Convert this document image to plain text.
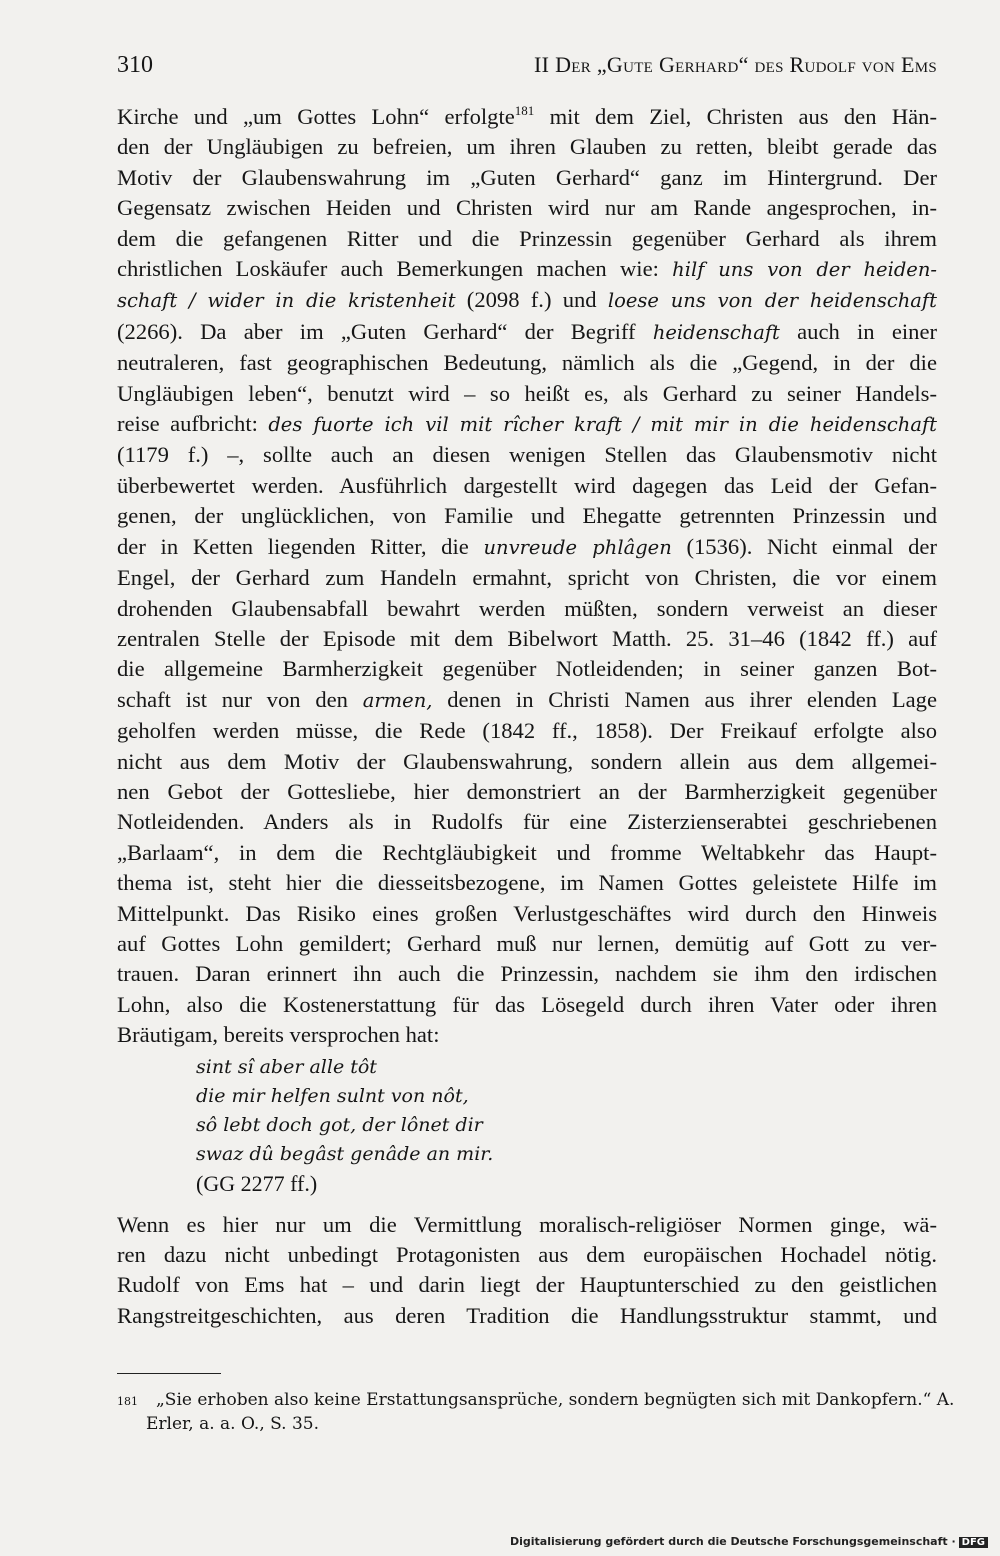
310	II Der „Gute Gerhard“ des Rudolf von Ems

Kirche und „um Gottes Lohn“ erfolgte$^{181}$ mit dem Ziel, Christen aus den Hän-
den der Ungläubigen zu befreien, um ihren Glauben zu retten, bleibt gerade das
Motiv der Glaubenswahrung im „Guten Gerhard“ ganz im Hintergrund. Der
Gegensatz zwischen Heiden und Christen wird nur am Rande angesprochen, in-
dem die gefangenen Ritter und die Prinzessin gegenüber Gerhard als ihrem
christlichen Loskäufer auch Bemerkungen machen wie: hilf uns von der heiden-
schaft / wider in die kristenheit (2098 f.) und loese uns von der heidenschaft
(2266). Da aber im „Guten Gerhard“ der Begriff heidenschaft auch in einer
neutraleren, fast geographischen Bedeutung, nämlich als die „Gegend, in der die
Ungläubigen leben“, benutzt wird – so heißt es, als Gerhard zu seiner Handels-
reise aufbricht: des fuorte ich vil mit rîcher kraft / mit mir in die heidenschaft
(1179 f.) –, sollte auch an diesen wenigen Stellen das Glaubensmotiv nicht
überbewertet werden. Ausführlich dargestellt wird dagegen das Leid der Gefan-
genen, der unglücklichen, von Familie und Ehegatte getrennten Prinzessin und
der in Ketten liegenden Ritter, die unvreude phlâgen (1536). Nicht einmal der
Engel, der Gerhard zum Handeln ermahnt, spricht von Christen, die vor einem
drohenden Glaubensabfall bewahrt werden müßten, sondern verweist an dieser
zentralen Stelle der Episode mit dem Bibelwort Matth. 25. 31–46 (1842 ff.) auf
die allgemeine Barmherzigkeit gegenüber Notleidenden; in seiner ganzen Bot-
schaft ist nur von den armen, denen in Christi Namen aus ihrer elenden Lage
geholfen werden müsse, die Rede (1842 ff., 1858). Der Freikauf erfolgte also
nicht aus dem Motiv der Glaubenswahrung, sondern allein aus dem allgemei-
nen Gebot der Gottesliebe, hier demonstriert an der Barmherzigkeit gegenüber
Notleidenden. Anders als in Rudolfs für eine Zisterzienserabtei geschriebenen
„Barlaam“, in dem die Rechtgläubigkeit und fromme Weltabkehr das Haupt-
thema ist, steht hier die diesseitsbezogene, im Namen Gottes geleistete Hilfe im
Mittelpunkt. Das Risiko eines großen Verlustgeschäftes wird durch den Hinweis
auf Gottes Lohn gemildert; Gerhard muß nur lernen, demütig auf Gott zu ver-
trauen. Daran erinnert ihn auch die Prinzessin, nachdem sie ihm den irdischen
Lohn, also die Kostenerstattung für das Lösegeld durch ihren Vater oder ihren
Bräutigam, bereits versprochen hat:

sint sî aber alle tôt
die mir helfen sulnt von nôt,
sô lebt doch got, der lônet dir
swaz dû begâst genâde an mir.
(GG 2277 ff.)

Wenn es hier nur um die Vermittlung moralisch-religiöser Normen ginge, wä-
ren dazu nicht unbedingt Protagonisten aus dem europäischen Hochadel nötig.
Rudolf von Ems hat – und darin liegt der Hauptunterschied zu den geistlichen
Rangstreitgeschichten, aus deren Tradition die Handlungsstruktur stammt, und

$^{181}$ „Sie erhoben also keine Erstattungsansprüche, sondern begnügten sich mit Dankopfern.“ A.
Erler, a. a. O., S. 35.
Digitalisierung gefördert durch die Deutsche Forschungsgemeinschaft · DFG
